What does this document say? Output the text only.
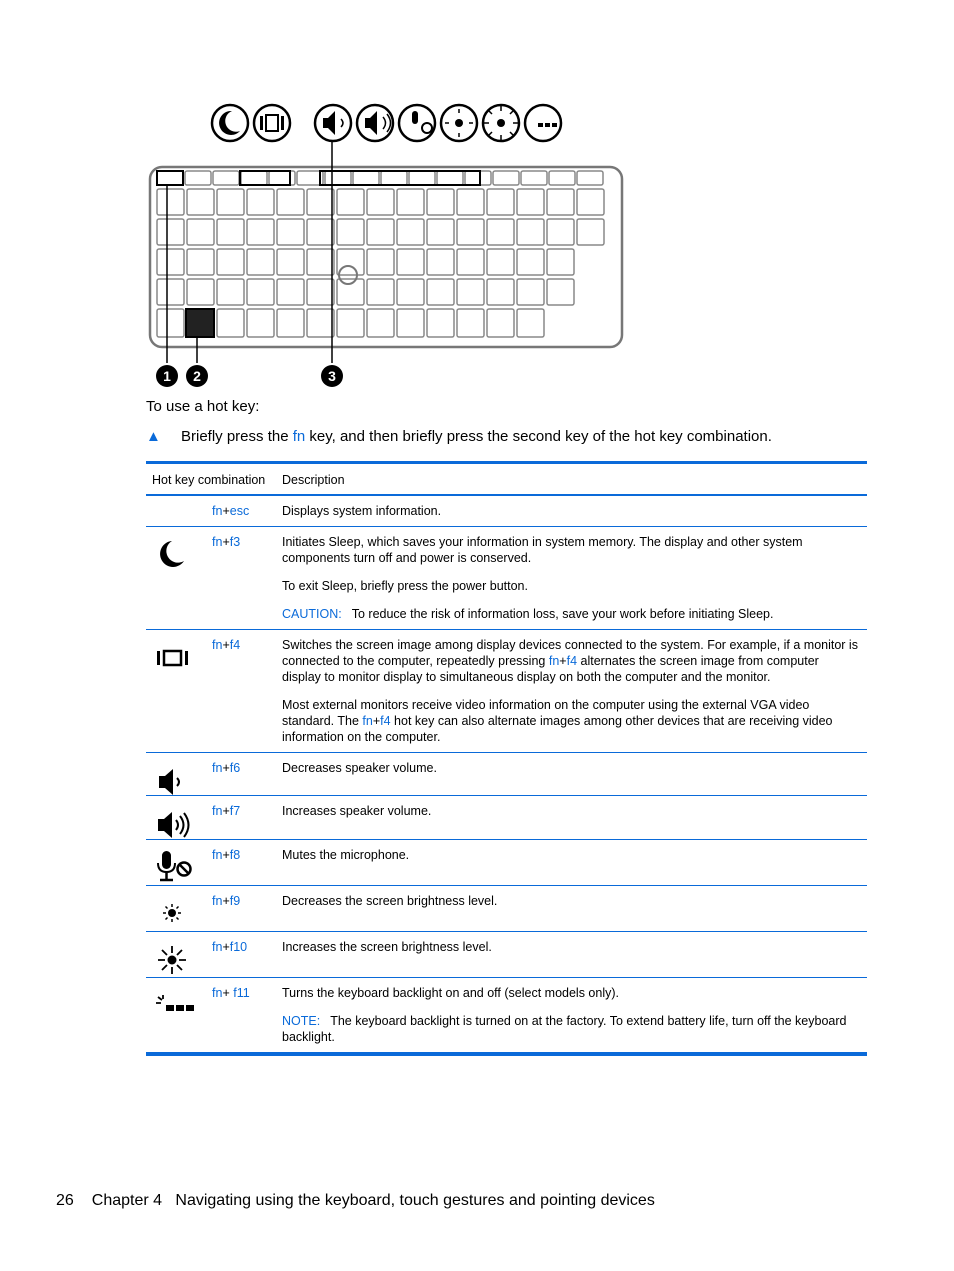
1 2	3
To use a hot key:
▲ Briefly press the fn key, and then briefly press the second key of the hot key combination.
Hot key combination		Description
	fn+esc	Displays system information.

	fn+f3	Initiates Sleep, which saves your information in system memory. The display and other system components turn off and power is conserved.

To exit Sleep, briefly press the power button.

CAUTION: To reduce the risk of information loss, save your work before initiating Sleep.

	fn+f4	Switches the screen image among display devices connected to the system. For example, if a monitor is connected to the computer, repeatedly pressing fn+f4 alternates the screen image from computer display to monitor display to simultaneous display on both the computer and the monitor.

Most external monitors receive video information on the computer using the external VGA video standard. The fn+f4 hot key can also alternate images among other devices that are receiving video information on the computer.

	fn+f6	Decreases speaker volume.

	fn+f7	Increases speaker volume.

	fn+f8	Mutes the microphone.

	fn+f9	Decreases the screen brightness level.

	fn+f10	Increases the screen brightness level.

	fn+ f11	Turns the keyboard backlight on and off (select models only).

NOTE: The keyboard backlight is turned on at the factory. To extend battery life, turn off the keyboard backlight.

26 Chapter 4   Navigating using the keyboard, touch gestures and pointing devices
